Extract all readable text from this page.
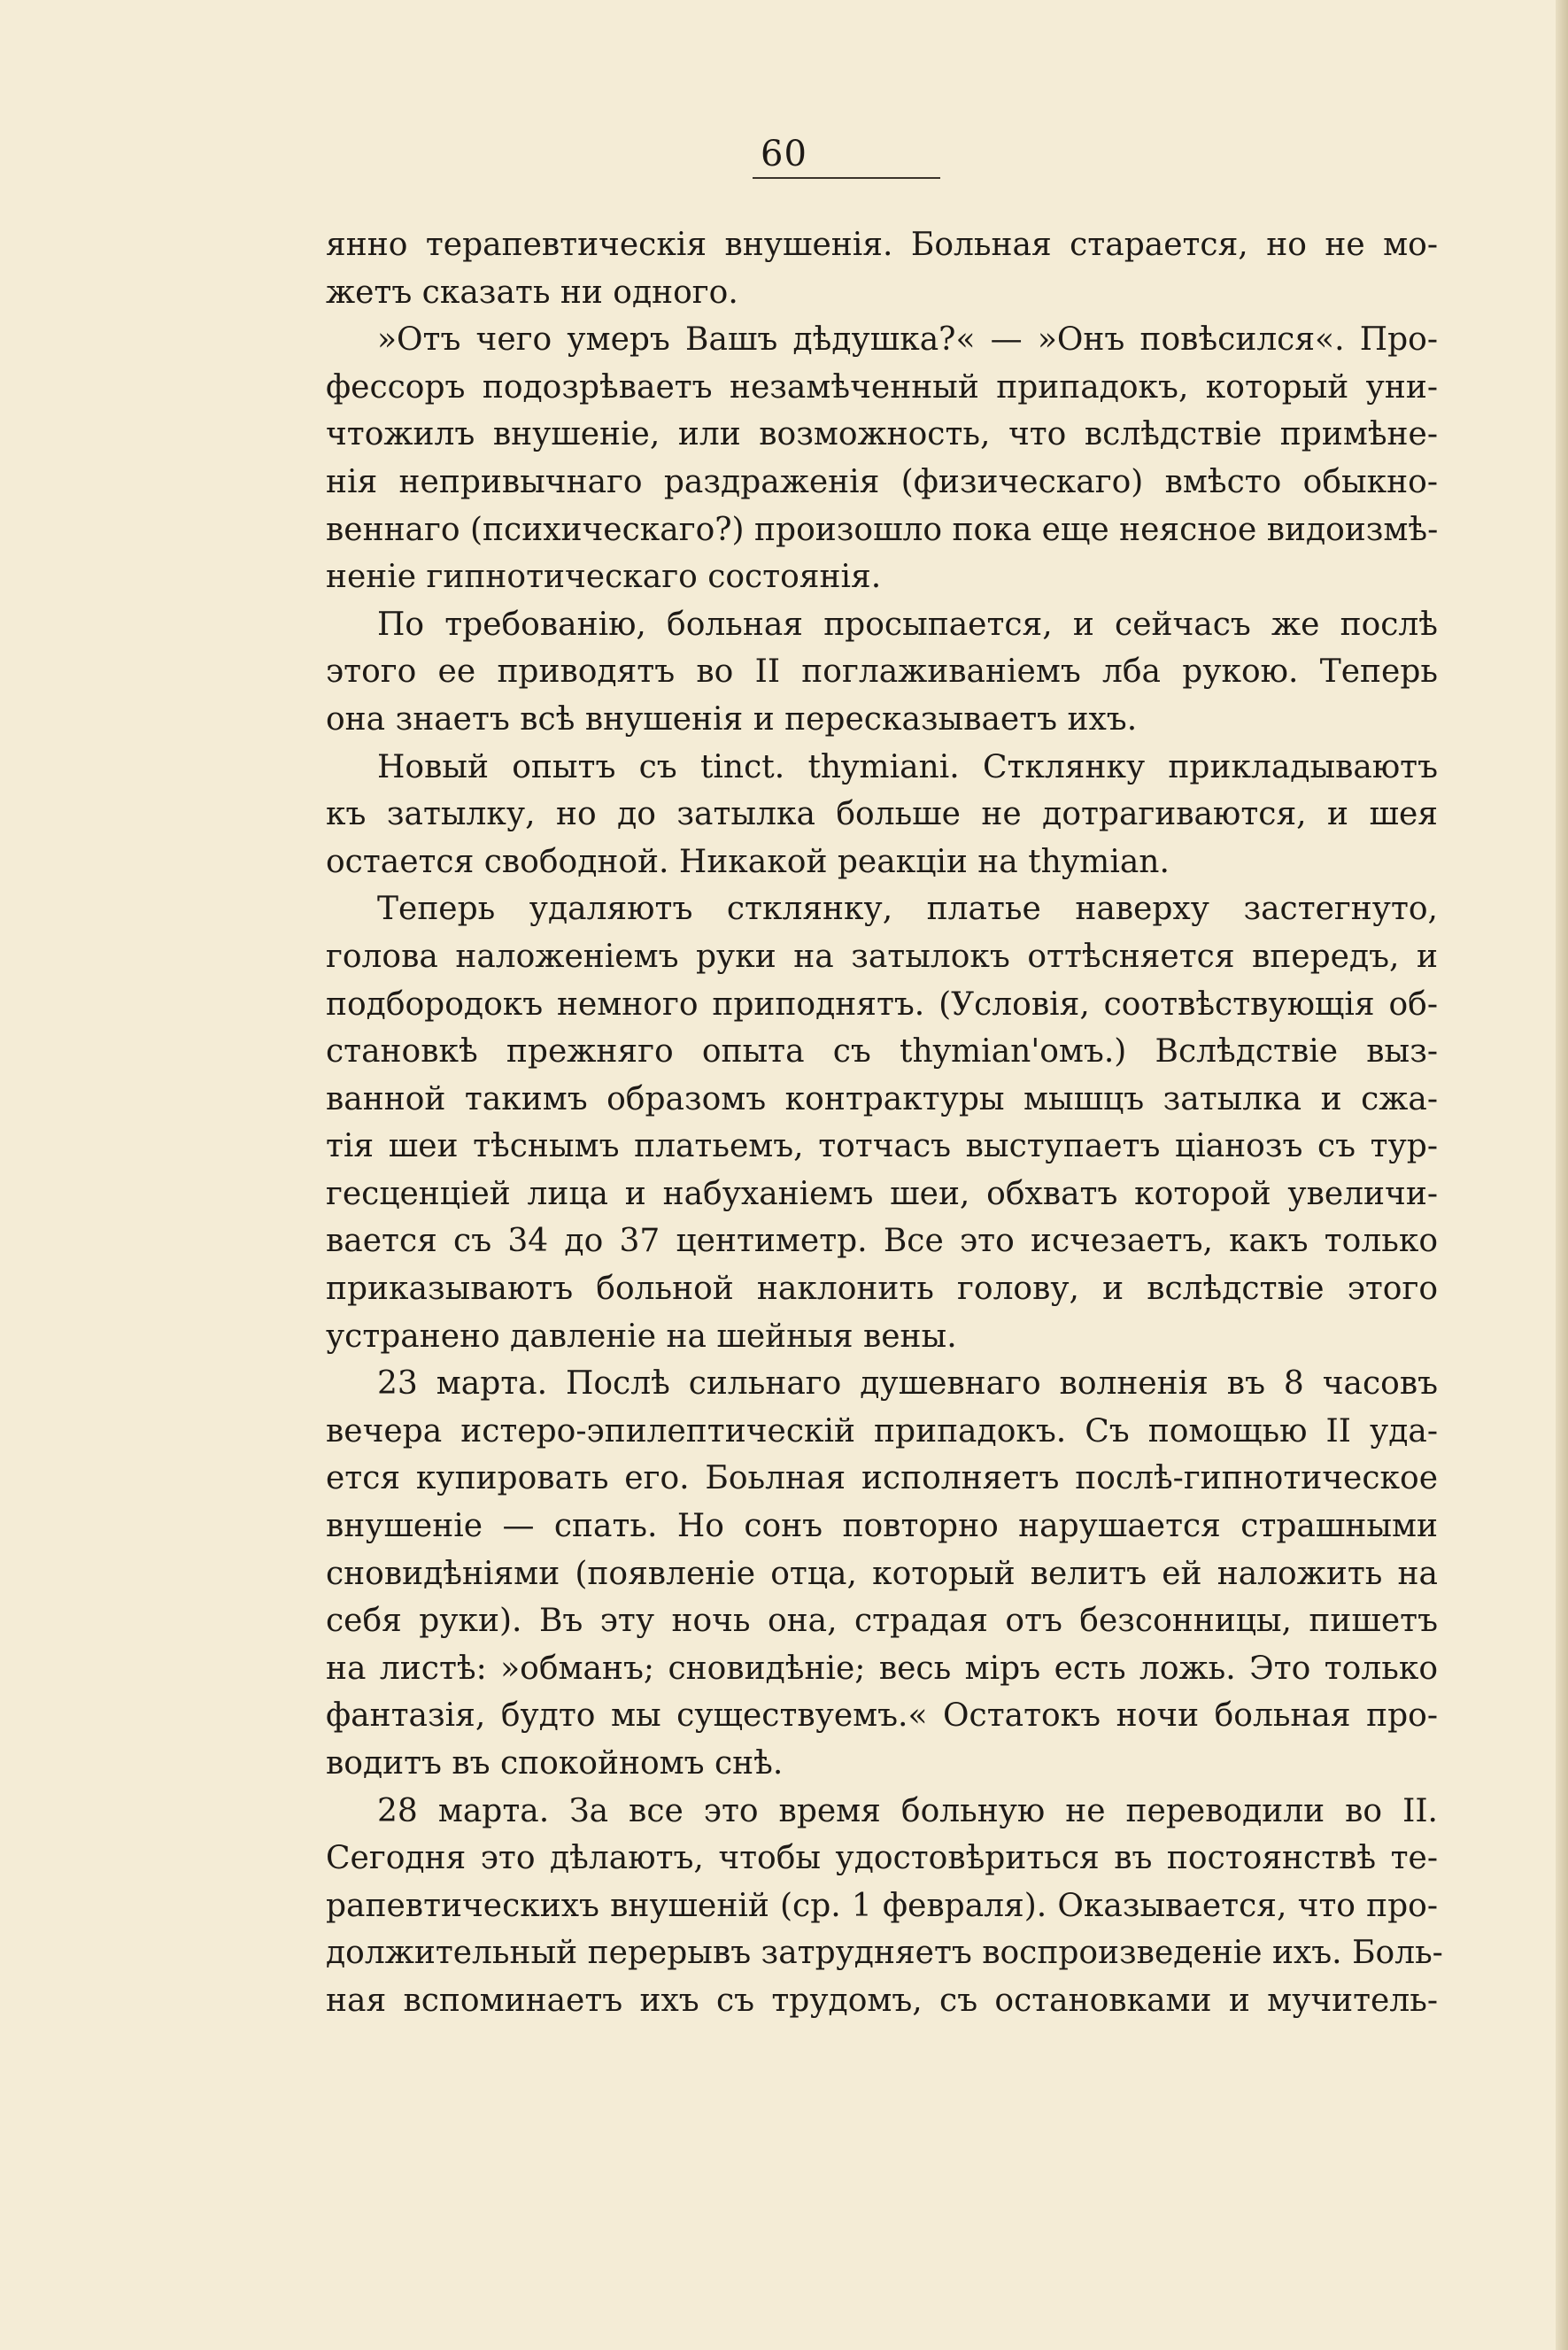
60
янно терапевтическія внушенія. Больная старается, но не мо-
жетъ сказать ни одного.
»Отъ чего умеръ Вашъ дѣдушка?« — »Онъ повѣсился«. Про-
фессоръ подозрѣваетъ незамѣченный припадокъ, который уни-
чтожилъ внушеніе, или возможность, что вслѣдствіе примѣне-
нія непривычнаго раздраженія (физическаго) вмѣсто обыкно-
веннаго (психическаго?) произошло пока еще неясное видоизмѣ-
неніе гипнотическаго состоянія.
По требованію, больная просыпается, и сейчасъ же послѣ
этого ее приводятъ во II поглаживаніемъ лба рукою. Теперь
она знаетъ всѣ внушенія и пересказываетъ ихъ.
Новый опытъ съ tinct. thymiani. Стклянку прикладываютъ
къ затылку, но до затылка больше не дотрагиваются, и шея
остается свободной. Никакой реакціи на thymian.
Теперь удаляютъ стклянку, платье наверху застегнуто,
голова наложеніемъ руки на затылокъ оттѣсняется впередъ, и
подбородокъ немного приподнятъ. (Условія, соотвѣствующія об-
становкѣ прежняго опыта съ thymian'омъ.) Вслѣдствіе выз-
ванной такимъ образомъ контрактуры мышцъ затылка и сжа-
тія шеи тѣснымъ платьемъ, тотчасъ выступаетъ ціанозъ съ тур-
гесценціей лица и набуханіемъ шеи, обхватъ которой увеличи-
вается съ 34 до 37 центиметр. Все это исчезаетъ, какъ только
приказываютъ больной наклонить голову, и вслѣдствіе этого
устранено давленіе на шейныя вены.
23 марта. Послѣ сильнаго душевнаго волненія въ 8 часовъ
вечера истеро-эпилептическій припадокъ. Съ помощью II уда-
ется купировать его. Боьлная исполняетъ послѣ-гипнотическое
внушеніе — спать. Но сонъ повторно нарушается страшными
сновидѣніями (появленіе отца, который велитъ ей наложить на
себя руки). Въ эту ночь она, страдая отъ безсонницы, пишетъ
на листѣ: »обманъ; сновидѣніе; весь міръ есть ложь. Это только
фантазія, будто мы существуемъ.« Остатокъ ночи больная про-
водитъ въ спокойномъ снѣ.
28 марта. За все это время больную не переводили во II.
Сегодня это дѣлаютъ, чтобы удостовѣриться въ постоянствѣ те-
рапевтическихъ внушеній (ср. 1 февраля). Оказывается, что про-
должительный перерывъ затрудняетъ воспроизведеніе ихъ. Боль-
ная вспоминаетъ ихъ съ трудомъ, съ остановками и мучитель-
